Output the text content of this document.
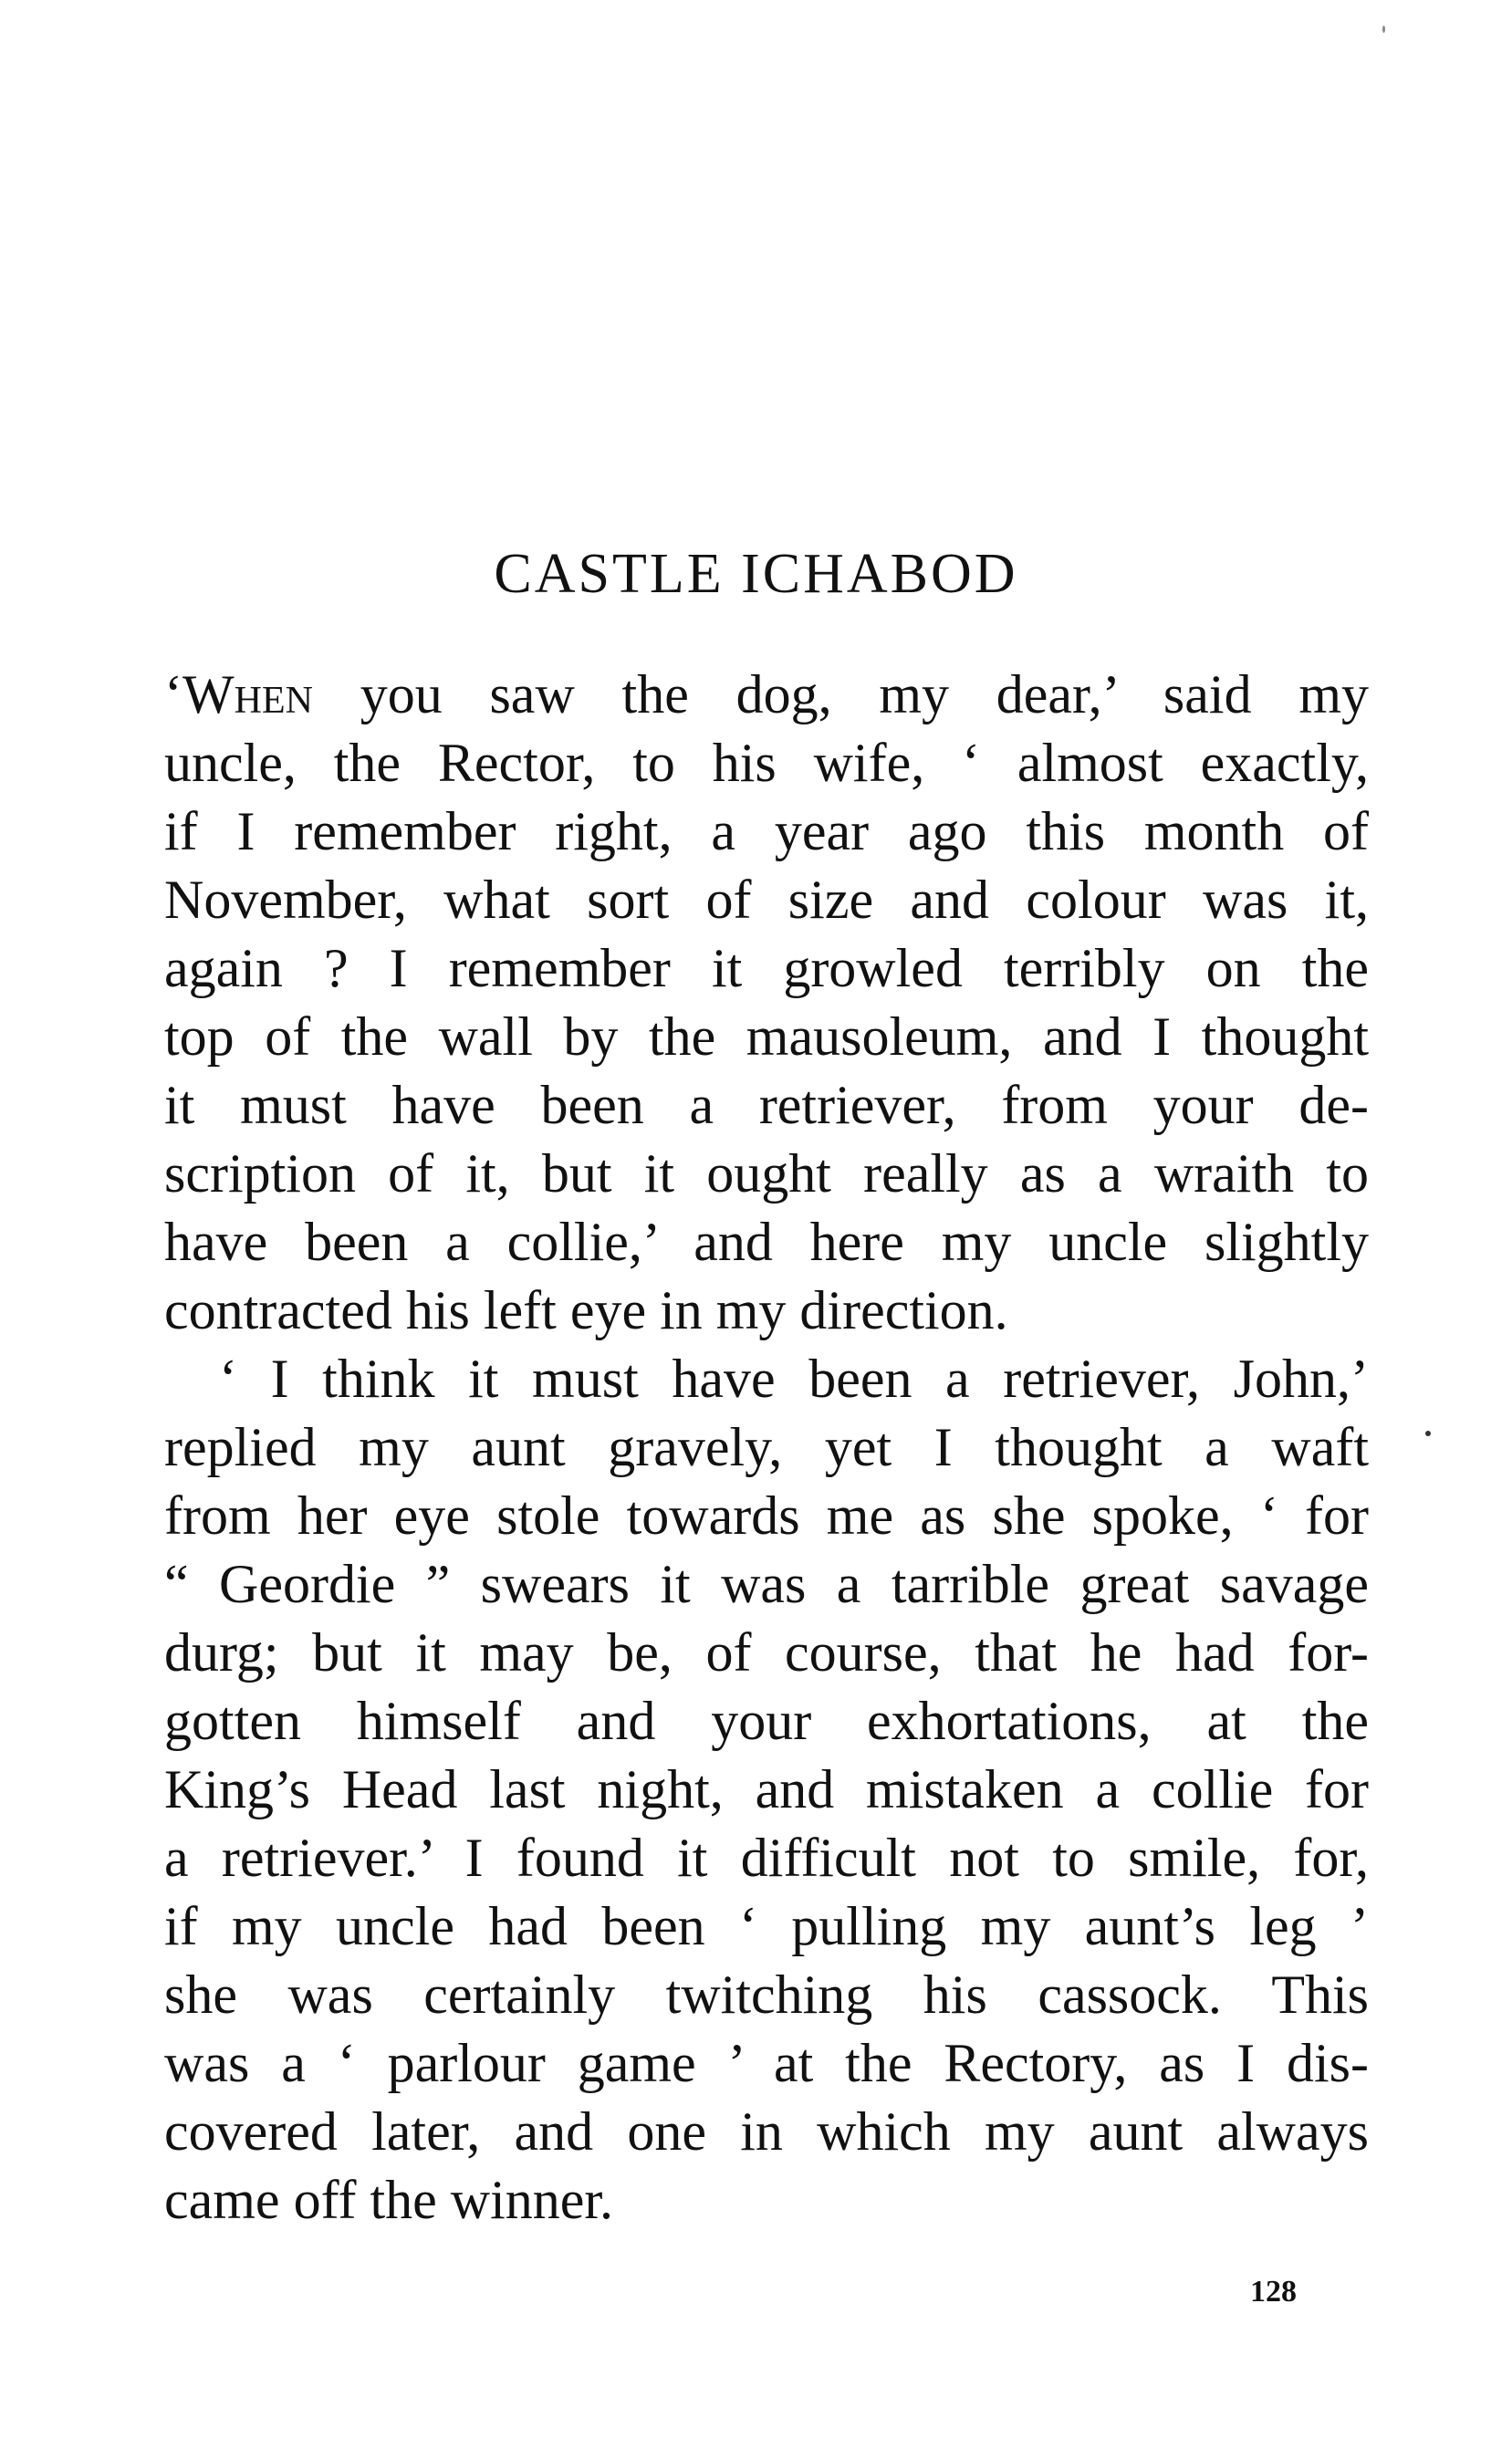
CASTLE ICHABOD
‘When you saw the dog, my dear,’ said my
uncle, the Rector, to his wife, ‘ almost exactly,
if I remember right, a year ago this month of
November, what sort of size and colour was it,
again ? I remember it growled terribly on the
top of the wall by the mausoleum, and I thought
it must have been a retriever, from your de-
scription of it, but it ought really as a wraith to
have been a collie,’ and here my uncle slightly
contracted his left eye in my direction.
‘ I think it must have been a retriever, John,’
replied my aunt gravely, yet I thought a waft
from her eye stole towards me as she spoke, ‘ for
“ Geordie ” swears it was a tarrible great savage
durg; but it may be, of course, that he had for-
gotten himself and your exhortations, at the
King’s Head last night, and mistaken a collie for
a retriever.’ I found it difficult not to smile, for,
if my uncle had been ‘ pulling my aunt’s leg ’
she was certainly twitching his cassock. This
was a ‘ parlour game ’ at the Rectory, as I dis-
covered later, and one in which my aunt always
came off the winner.
128
